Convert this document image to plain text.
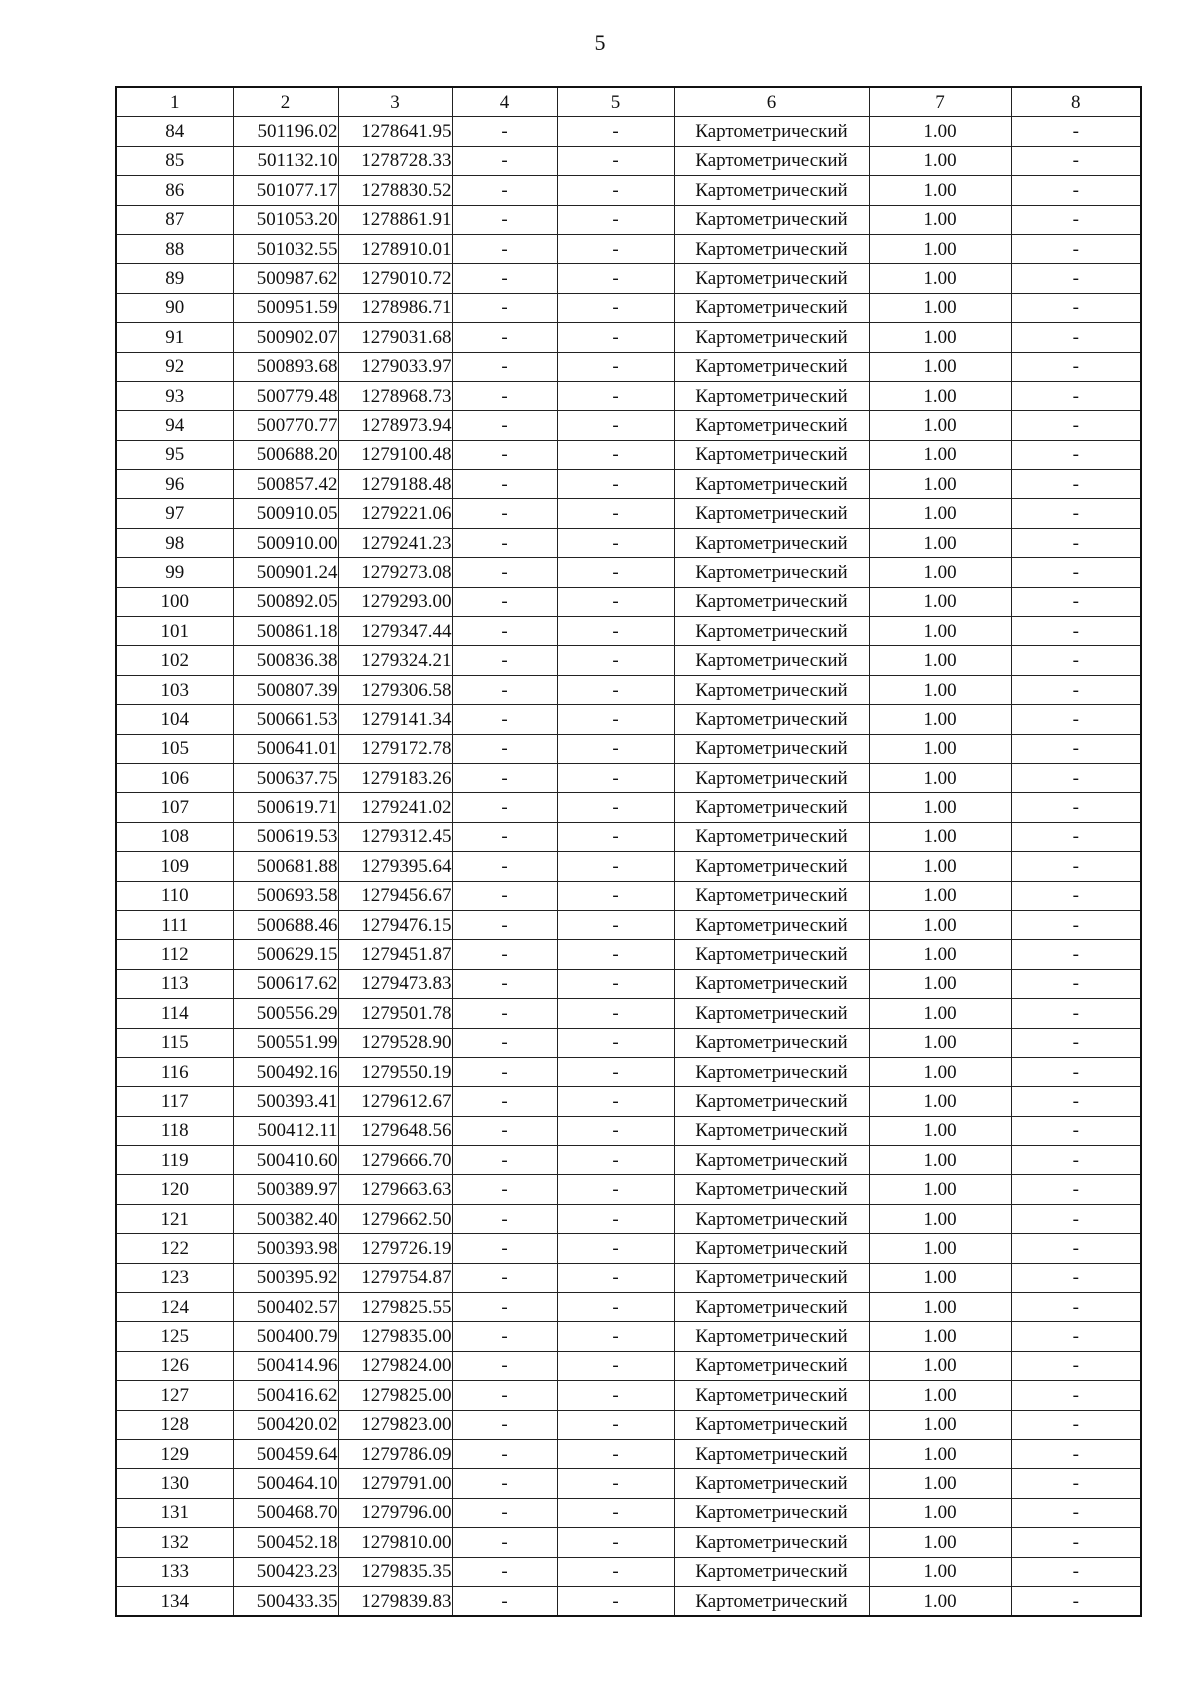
5
1	2	3	4	5	6	7	8
84	501196.02	1278641.95	-	-	Картометрический	1.00	-
85	501132.10	1278728.33	-	-	Картометрический	1.00	-
86	501077.17	1278830.52	-	-	Картометрический	1.00	-
87	501053.20	1278861.91	-	-	Картометрический	1.00	-
88	501032.55	1278910.01	-	-	Картометрический	1.00	-
89	500987.62	1279010.72	-	-	Картометрический	1.00	-
90	500951.59	1278986.71	-	-	Картометрический	1.00	-
91	500902.07	1279031.68	-	-	Картометрический	1.00	-
92	500893.68	1279033.97	-	-	Картометрический	1.00	-
93	500779.48	1278968.73	-	-	Картометрический	1.00	-
94	500770.77	1278973.94	-	-	Картометрический	1.00	-
95	500688.20	1279100.48	-	-	Картометрический	1.00	-
96	500857.42	1279188.48	-	-	Картометрический	1.00	-
97	500910.05	1279221.06	-	-	Картометрический	1.00	-
98	500910.00	1279241.23	-	-	Картометрический	1.00	-
99	500901.24	1279273.08	-	-	Картометрический	1.00	-
100	500892.05	1279293.00	-	-	Картометрический	1.00	-
101	500861.18	1279347.44	-	-	Картометрический	1.00	-
102	500836.38	1279324.21	-	-	Картометрический	1.00	-
103	500807.39	1279306.58	-	-	Картометрический	1.00	-
104	500661.53	1279141.34	-	-	Картометрический	1.00	-
105	500641.01	1279172.78	-	-	Картометрический	1.00	-
106	500637.75	1279183.26	-	-	Картометрический	1.00	-
107	500619.71	1279241.02	-	-	Картометрический	1.00	-
108	500619.53	1279312.45	-	-	Картометрический	1.00	-
109	500681.88	1279395.64	-	-	Картометрический	1.00	-
110	500693.58	1279456.67	-	-	Картометрический	1.00	-
111	500688.46	1279476.15	-	-	Картометрический	1.00	-
112	500629.15	1279451.87	-	-	Картометрический	1.00	-
113	500617.62	1279473.83	-	-	Картометрический	1.00	-
114	500556.29	1279501.78	-	-	Картометрический	1.00	-
115	500551.99	1279528.90	-	-	Картометрический	1.00	-
116	500492.16	1279550.19	-	-	Картометрический	1.00	-
117	500393.41	1279612.67	-	-	Картометрический	1.00	-
118	500412.11	1279648.56	-	-	Картометрический	1.00	-
119	500410.60	1279666.70	-	-	Картометрический	1.00	-
120	500389.97	1279663.63	-	-	Картометрический	1.00	-
121	500382.40	1279662.50	-	-	Картометрический	1.00	-
122	500393.98	1279726.19	-	-	Картометрический	1.00	-
123	500395.92	1279754.87	-	-	Картометрический	1.00	-
124	500402.57	1279825.55	-	-	Картометрический	1.00	-
125	500400.79	1279835.00	-	-	Картометрический	1.00	-
126	500414.96	1279824.00	-	-	Картометрический	1.00	-
127	500416.62	1279825.00	-	-	Картометрический	1.00	-
128	500420.02	1279823.00	-	-	Картометрический	1.00	-
129	500459.64	1279786.09	-	-	Картометрический	1.00	-
130	500464.10	1279791.00	-	-	Картометрический	1.00	-
131	500468.70	1279796.00	-	-	Картометрический	1.00	-
132	500452.18	1279810.00	-	-	Картометрический	1.00	-
133	500423.23	1279835.35	-	-	Картометрический	1.00	-
134	500433.35	1279839.83	-	-	Картометрический	1.00	-
